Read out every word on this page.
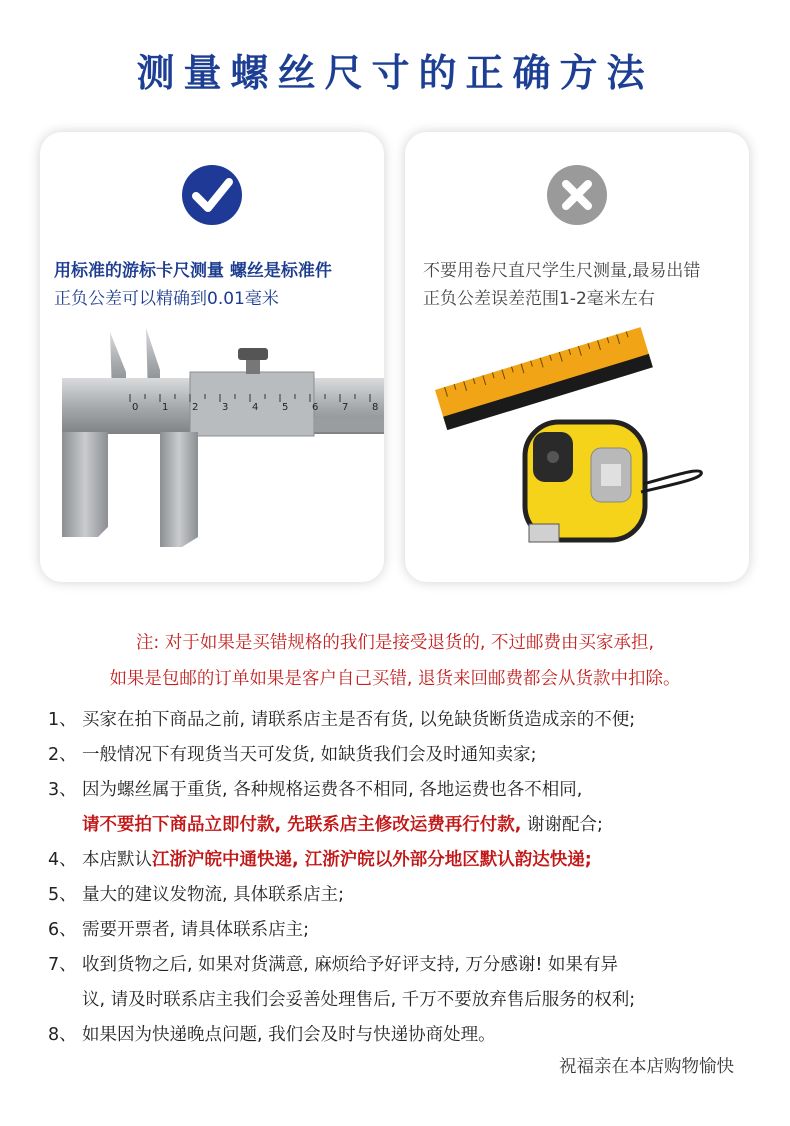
测量螺丝尺寸的正确方法
用标准的游标卡尺测量 螺丝是标准件
正负公差可以精确到0.01毫米
0 1 2 3 4 5 6 7 8
不要用卷尺直尺学生尺测量,最易出错
正负公差误差范围1-2毫米左右
注: 对于如果是买错规格的我们是接受退货的, 不过邮费由买家承担,
如果是包邮的订单如果是客户自己买错, 退货来回邮费都会从货款中扣除。
1、 买家在拍下商品之前, 请联系店主是否有货, 以免缺货断货造成亲的不便;
2、 一般情况下有现货当天可发货, 如缺货我们会及时通知卖家;
3、 因为螺丝属于重货, 各种规格运费各不相同, 各地运费也各不相同,
请不要拍下商品立即付款, 先联系店主修改运费再行付款, 谢谢配合;
4、 本店默认江浙沪皖中通快递, 江浙沪皖以外部分地区默认韵达快递;
5、 量大的建议发物流, 具体联系店主;
6、 需要开票者, 请具体联系店主;
7、 收到货物之后, 如果对货满意, 麻烦给予好评支持, 万分感谢! 如果有异
议, 请及时联系店主我们会妥善处理售后, 千万不要放弃售后服务的权利;
8、 如果因为快递晚点问题, 我们会及时与快递协商处理。
祝福亲在本店购物愉快
